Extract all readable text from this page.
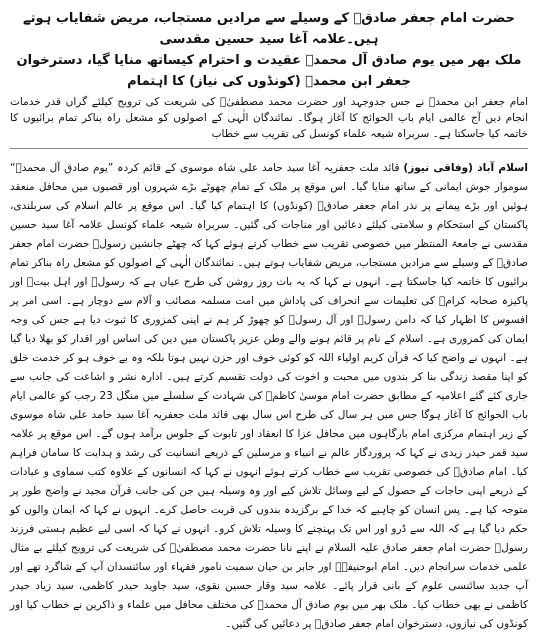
حضرت امام جعفر صادقؑ کے وسیلے سے مرادیں مستجاب، مریض شفایاب ہوتے ہیں۔علامہ آغا سید حسین مقدسی
ملک بھر میں یوم صادق آل محمدؐ عقیدت و احترام کیساتھ منایا گیا، دسترخوان جعفر ابن محمدؐ (کونڈوں کی نیاز) کا اہتمام

امام جعفر ابن محمدؑ نے جس جدوجہد اور حضرت محمد مصطفیٰؐ کی شریعت کی ترویج کیلئے گراں قدر خدمات انجام دیں آج عالمی ایام باب الحوائج کا آغاز ہوگا۔ نمائندگان الٰہی کے اصولوں کو مشعل راہ بناکر تمام برائیوں کا خاتمہ کیا جاسکتا ہے۔ سربراہ شیعہ علماء کونسل کی تقریب سے خطاب

اسلام آباد (وفاقی نیوز) قائد ملت جعفریہ آغا سید حامد علی شاہ موسوی کے قائم کردہ ”یوم صادق آل محمدؐ“ سوموار جوش ایمانی کے ساتھ منایا گیا۔ اس موقع پر ملک کے تمام چھوٹے بڑے شہروں اور قصبوں میں محافل منعقد ہوئیں اور بڑے پیمانے پر نذر امام جعفر صادقؑ (کونڈوں) کا اہتمام کیا گیا۔ اس موقع پر عالم اسلام کی سربلندی، پاکستان کے استحکام و سلامتی کیلئے دعائیں اور مناجات کی گئیں۔ سربراہ شیعہ علماء کونسل علامہ آغا سید حسین مقدسی نے جامعۃ المنتظر میں خصوصی تقریب سے خطاب کرتے ہوئے کہا کہ چھٹے جانشین رسولؐ حضرت امام جعفر صادقؑ کے وسیلے سے مرادیں مستجاب، مریض شفایاب ہوتے ہیں۔ نمائندگان الٰہی کے اصولوں کو مشعل راہ بناکر تمام برائیوں کا خاتمہ کیا جاسکتا ہے۔ انہوں نے کہا کہ یہ بات روز روشن کی طرح عیاں ہے کہ رسولؐ اور اہل بیتؑ اور پاکیزہ صحابہ کرامؓ کی تعلیمات سے انحراف کی پاداش میں امت مسلمہ مصائب و آلام سے دوچار ہے۔ اسی امر پر افسوس کا اظہار کیا کہ دامن رسولؐ اور آل رسولؐ کو چھوڑ کر ہم نے اپنی کمزوری کا ثبوت دیا ہے جس کی وجہ ایمان کی کمزوری ہے۔ اسلام کے نام پر قائم ہونے والے وطن عزیز پاکستان میں دین کی اساس اور اقدار کو بھلا دیا گیا ہے۔ انہوں نے واضح کیا کہ قرآن کریم اولیاء اللہ کو کوئی خوف اور حزن نہیں ہوتا بلکہ وہ بے خوف ہو کر خدمت خلق کو اپنا مقصد زندگی بنا کر بندوں میں محبت و اخوت کی دولت تقسیم کرتے ہیں۔ ادارہ نشر و اشاعت کی جانب سے جاری کئے گئے اعلامیہ کے مطابق حضرت امام موسیٰ کاظمؑ کی شہادت کے سلسلے میں منگل 23 رجب کو عالمی ایام باب الحوائج کا آغاز ہوگا جس میں ہر سال کی طرح اس سال بھی قائد ملت جعفریہ آغا سید حامد علی شاہ موسوی کے زیر اہتمام مرکزی امام بارگاہوں میں محافل عزا کا انعقاد اور تابوت کے جلوس برآمد ہوں گے۔ اس موقع پر علامہ سید قمر حیدر زیدی نے کہا کہ پروردگار عالم نے انبیاء و مرسلین کے ذریعے انسانیت کی رشد و ہدایت کا سامان فراہم کیا۔ امام صادقؑ کی خصوصی تقریب سے خطاب کرتے ہوئے انہوں نے کہا کہ انسانوں کے علاوہ کتب سماوی و عبادات کے ذریعے اپنی حاجات کے حصول کے لیے وسائل تلاش کیے اور وہ وسیلہ ہیں جن کی جانب قرآن مجید نے واضح طور پر متوجہ کیا ہے۔ پس انسان کو چاہیے کہ خدا کے برگزیدہ بندوں کی قربت حاصل کرے۔ انہوں نے کہا کہ ایمان والوں کو حکم دیا گیا ہے کہ اللہ سے ڈرو اور اس تک پہنچنے کا وسیلہ تلاش کرو۔ انہوں نے کہا کہ اسی لیے عظیم ہستی فرزند رسولؐ حضرت امام جعفر صادق علیہ السلام نے اپنے نانا حضرت محمد مصطفیٰؐ کی شریعت کی ترویج کیلئے بے مثال علمی خدمات سرانجام دیں۔ امام ابوحنیفہؒ اور جابر بن حیان سمیت نامور فقہاء اور سائنسدان آپ کے شاگرد تھے اور آپ جدید سائنسی علوم کے بانی قرار پائے۔ علامہ سید وقار حسین نقوی، سید جاوید حیدر کاظمی، سید زیاد حیدر کاظمی نے بھی خطاب کیا۔ ملک بھر میں یوم صادق آل محمدؐ کی مختلف محافل میں علماء و ذاکرین نے خطاب کیا اور کونڈوں کی نیازوں، دسترخوان امام جعفر صادقؑ پر دعائیں کی گئیں۔
